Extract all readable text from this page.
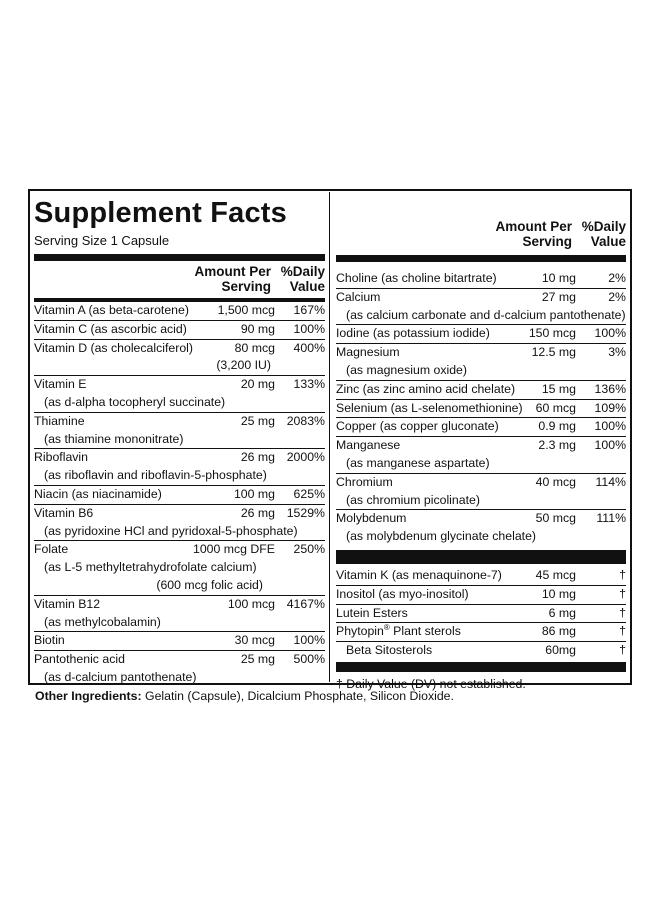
Supplement Facts
Serving Size 1 Capsule
Amount Per
Serving
%Daily
Value
Vitamin A (as beta-carotene)	1,500 mcg	167%
Vitamin C (as ascorbic acid)	90 mg	100%
Vitamin D (as cholecalciferol)	80 mcg	400%
(3,200 IU)
Vitamin E	20 mg	133%
(as d-alpha tocopheryl succinate)
Thiamine	25 mg 2083%
(as thiamine mononitrate)
Riboflavin	26 mg 2000%
(as riboflavin and riboflavin-5-phosphate)
Niacin (as niacinamide)	100 mg	625%
Vitamin B6	26 mg 1529%
(as pyridoxine HCl and pyridoxal-5-phosphate)
Folate	1000 mcg DFE	250%
(as L-5 methyltetrahydrofolate calcium)
(600 mcg folic acid)
Vitamin B12	100 mcg 4167%
(as methylcobalamin)
Biotin	30 mcg	100%
Pantothenic acid	25 mg	500%
(as d-calcium pantothenate)
Amount Per
Serving
%Daily
Value
Choline (as choline bitartrate)	10 mg	2%
Calcium	27 mg	2%
(as calcium carbonate and d-calcium pantothenate)
Iodine (as potassium iodide)	150 mcg	100%
Magnesium	12.5 mg	3%
(as magnesium oxide)
Zinc (as zinc amino acid chelate)	15 mg	136%
Selenium (as L-selenomethionine)	60 mcg	109%
Copper (as copper gluconate)	0.9 mg	100%
Manganese	2.3 mg	100%
(as manganese aspartate)
Chromium	40 mcg	114%
(as chromium picolinate)
Molybdenum	50 mcg	111%
(as molybdenum glycinate chelate)
Vitamin K (as menaquinone-7)	45 mcg	†
Inositol (as myo-inositol)	10 mg	†
Lutein Esters	6 mg	†
Phytopin® Plant sterols	86 mg	†
Beta Sitosterols	60mg	†
† Daily Value (DV) not established.
Other Ingredients: Gelatin (Capsule), Dicalcium Phosphate, Silicon Dioxide.
